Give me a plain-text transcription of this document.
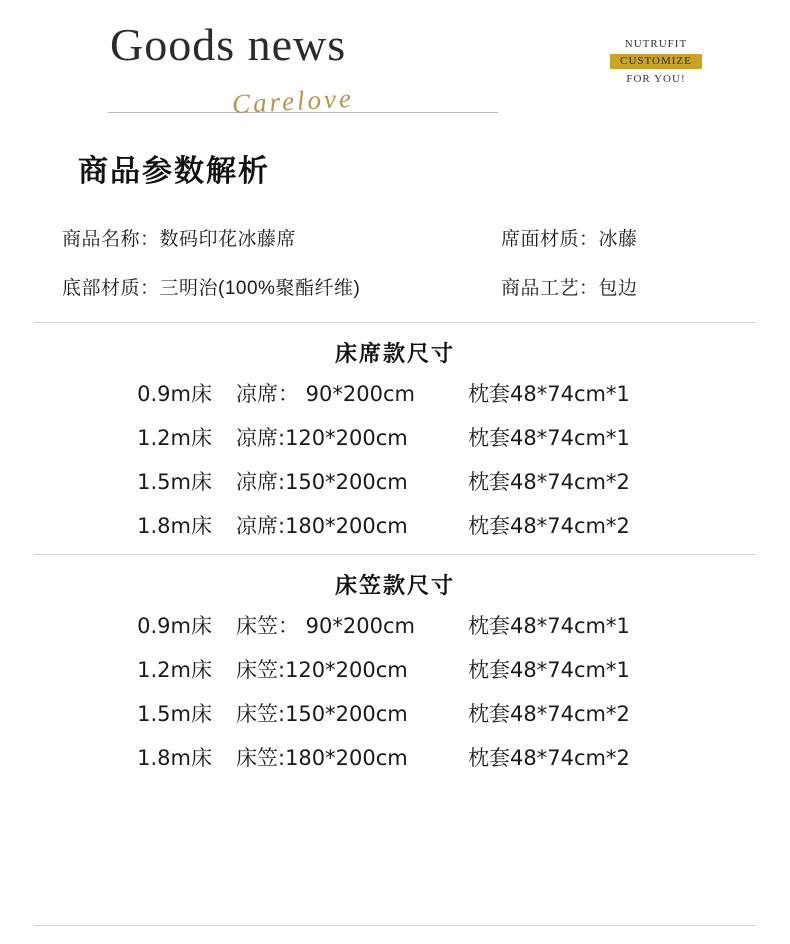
Goods news
Carelove
NUTRUFIT
CUSTOMIZE
FOR YOU!
商品参数解析
商品名称：数码印花冰藤席	席面材质：冰藤
底部材质：三明治(100%聚酯纤维)	商品工艺：包边
床席款尺寸
0.9m床	凉席： 90*200cm	枕套48*74cm*1
1.2m床	凉席:120*200cm	枕套48*74cm*1
1.5m床	凉席:150*200cm	枕套48*74cm*2
1.8m床	凉席:180*200cm	枕套48*74cm*2
床笠款尺寸
0.9m床	床笠： 90*200cm	枕套48*74cm*1
1.2m床	床笠:120*200cm	枕套48*74cm*1
1.5m床	床笠:150*200cm	枕套48*74cm*2
1.8m床	床笠:180*200cm	枕套48*74cm*2
